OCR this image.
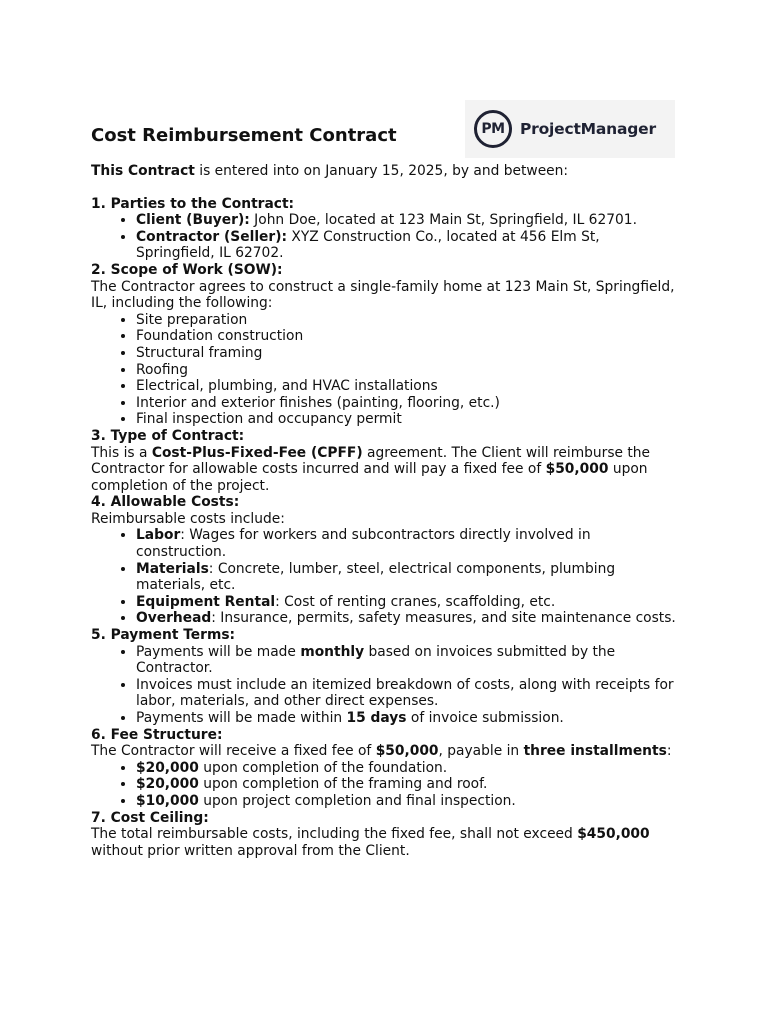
PM ProjectManager
Cost Reimbursement Contract

This Contract is entered into on January 15, 2025, by and between:

1. Parties to the Contract:

• Client (Buyer): John Doe, located at 123 Main St, Springfield, IL 62701.
• Contractor (Seller): XYZ Construction Co., located at 456 Elm St, Springfield, IL 62702.

2. Scope of Work (SOW):

The Contractor agrees to construct a single-family home at 123 Main St, Springfield, IL, including the following:

• Site preparation
• Foundation construction
• Structural framing
• Roofing
• Electrical, plumbing, and HVAC installations
• Interior and exterior finishes (painting, flooring, etc.)
• Final inspection and occupancy permit

3. Type of Contract:

This is a Cost-Plus-Fixed-Fee (CPFF) agreement. The Client will reimburse the Contractor for allowable costs incurred and will pay a fixed fee of $50,000 upon completion of the project.

4. Allowable Costs:

Reimbursable costs include:

• Labor: Wages for workers and subcontractors directly involved in construction.
• Materials: Concrete, lumber, steel, electrical components, plumbing materials, etc.
• Equipment Rental: Cost of renting cranes, scaffolding, etc.
• Overhead: Insurance, permits, safety measures, and site maintenance costs.

5. Payment Terms:

• Payments will be made monthly based on invoices submitted by the Contractor.
• Invoices must include an itemized breakdown of costs, along with receipts for labor, materials, and other direct expenses.
• Payments will be made within 15 days of invoice submission.

6. Fee Structure:

The Contractor will receive a fixed fee of $50,000, payable in three installments:

• $20,000 upon completion of the foundation.
• $20,000 upon completion of the framing and roof.
• $10,000 upon project completion and final inspection.

7. Cost Ceiling:

The total reimbursable costs, including the fixed fee, shall not exceed $450,000 without prior written approval from the Client.
